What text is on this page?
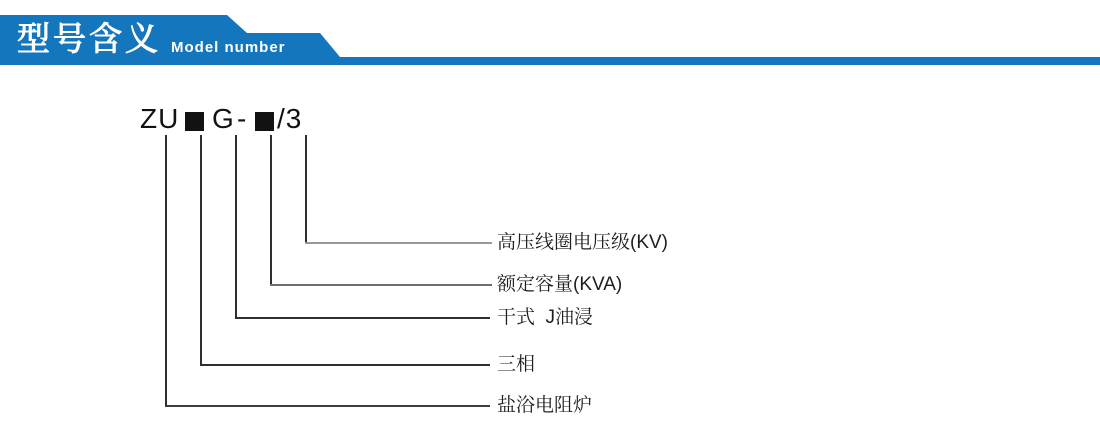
型号含义 Model number
ZU G - /3
高压线圈电压级(KV)
额定容量(KVA)
干式  J油浸
三相
盐浴电阻炉
